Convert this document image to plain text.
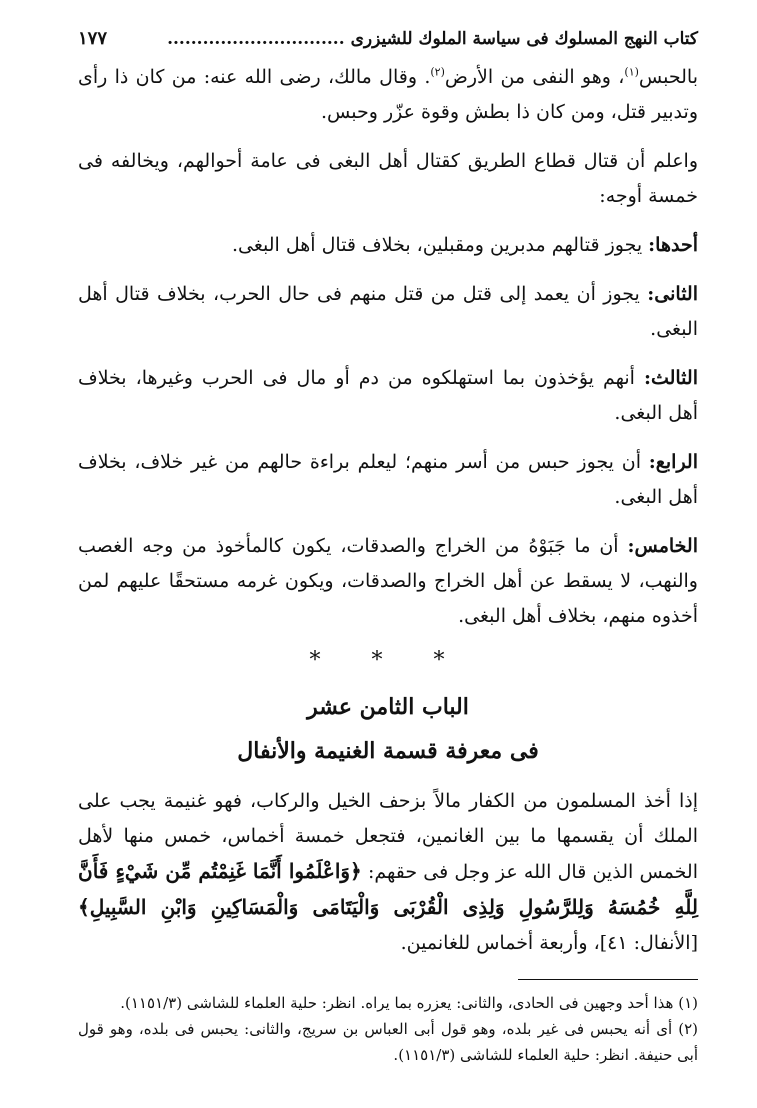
كتاب النهج المسلوك فى سياسة الملوك للشيزرى ..............................
١٧٧

بالحبس$^{(١)}$، وهو النفى من الأرض$^{(٢)}$. وقال مالك، رضى الله عنه: من كان ذا رأى وتدبير قتل، ومن كان ذا بطش وقوة عزّر وحبس.

واعلم أن قتال قطاع الطريق كقتال أهل البغى فى عامة أحوالهم، ويخالفه فى خمسة أوجه:

أحدها: يجوز قتالهم مدبرين ومقبلين، بخلاف قتال أهل البغى.

الثانى: يجوز أن يعمد إلى قتل من قتل منهم فى حال الحرب، بخلاف قتال أهل البغى.

الثالث: أنهم يؤخذون بما استهلكوه من دم أو مال فى الحرب وغيرها، بخلاف أهل البغى.

الرابع: أن يجوز حبس من أسر منهم؛ ليعلم براءة حالهم من غير خلاف، بخلاف أهل البغى.

الخامس: أن ما جَبَوْهُ من الخراج والصدقات، يكون كالمأخوذ من وجه الغصب والنهب، لا يسقط عن أهل الخراج والصدقات، ويكون غرمه مستحقًا عليهم لمن أخذوه منهم، بخلاف أهل البغى.

* * *
الباب الثامن عشر
فى معرفة قسمة الغنيمة والأنفال

إذا أخذ المسلمون من الكفار مالاً بزحف الخيل والركاب، فهو غنيمة يجب على الملك أن يقسمها ما بين الغانمين، فتجعل خمسة أخماس، خمس منها لأهل الخمس الذين قال الله عز وجل فى حقهم: ﴿وَاعْلَمُوا أَنَّمَا غَنِمْتُم مِّن شَيْءٍ فَأَنَّ لِلَّهِ خُمُسَهُ وَلِلرَّسُولِ وَلِذِى الْقُرْبَى وَالْيَتَامَى وَالْمَسَاكِينِ وَابْنِ السَّبِيلِ﴾ [الأنفال: ٤١]، وأربعة أخماس للغانمين.

(١) هذا أحد وجهين فى الحادى، والثانى: يعزره بما يراه. انظر: حلية العلماء للشاشى (١١٥١/٣).

(٢) أى أنه يحبس فى غير بلده، وهو قول أبى العباس بن سريج، والثانى: يحبس فى بلده، وهو قول أبى حنيفة. انظر: حلية العلماء للشاشى (١١٥١/٣).
